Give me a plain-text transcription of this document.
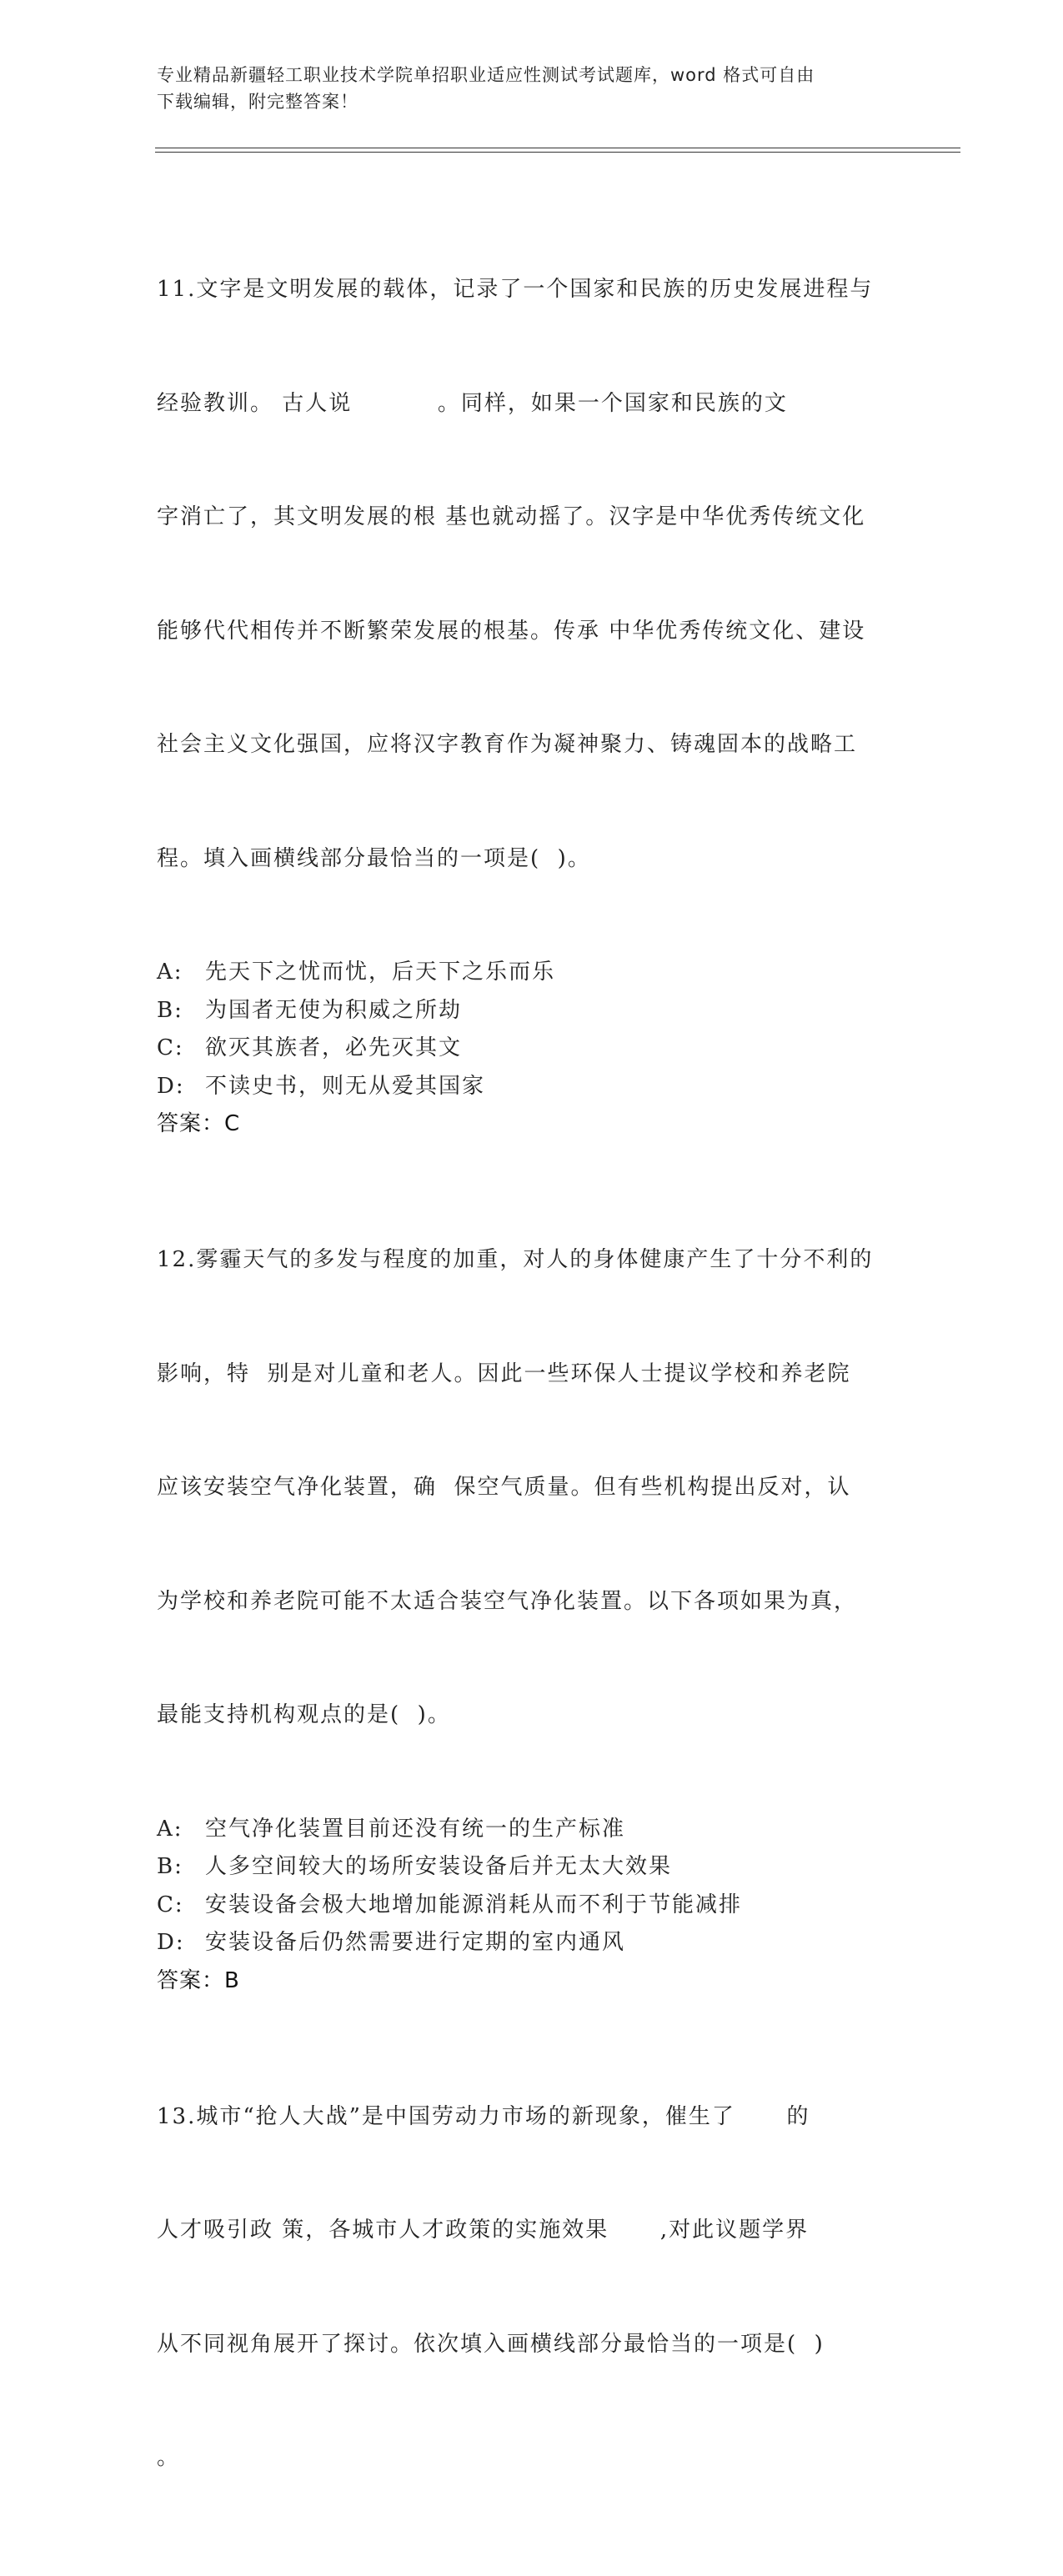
专业精品新疆轻工职业技术学院单招职业适应性测试考试题库，word 格式可自由
下载编辑，附完整答案！

11.文字是文明发展的载体，记录了一个国家和民族的历史发展进程与

经验教训。 古人说          。同样，如果一个国家和民族的文

字消亡了，其文明发展的根 基也就动摇了。汉字是中华优秀传统文化

能够代代相传并不断繁荣发展的根基。传承 中华优秀传统文化、建设

社会主义文化强国，应将汉字教育作为凝神聚力、铸魂固本的战略工

程。填入画横线部分最恰当的一项是(  )。

A:	先天下之忧而忧，后天下之乐而乐
B:	为国者无使为积威之所劫
C: 欲灭其族者，必先灭其文
D: 不读史书，则无从爱其国家
答案：C

12.雾霾天气的多发与程度的加重，对人的身体健康产生了十分不利的

影响，特  别是对儿童和老人。因此一些环保人士提议学校和养老院

应该安装空气净化装置，确  保空气质量。但有些机构提出反对，认

为学校和养老院可能不太适合装空气净化装置。以下各项如果为真，

最能支持机构观点的是(  )。

A:	空气净化装置目前还没有统一的生产标准
B:	人多空间较大的场所安装设备后并无太大效果
C: 安装设备会极大地增加能源消耗从而不利于节能减排
D: 安装设备后仍然需要进行定期的室内通风
答案：B

13.城市“抢人大战”是中国劳动力市场的新现象，催生了      的

人才吸引政 策，各城市人才政策的实施效果      ,对此议题学界

从不同视角展开了探讨。依次填入画横线部分最恰当的一项是(  )

。
